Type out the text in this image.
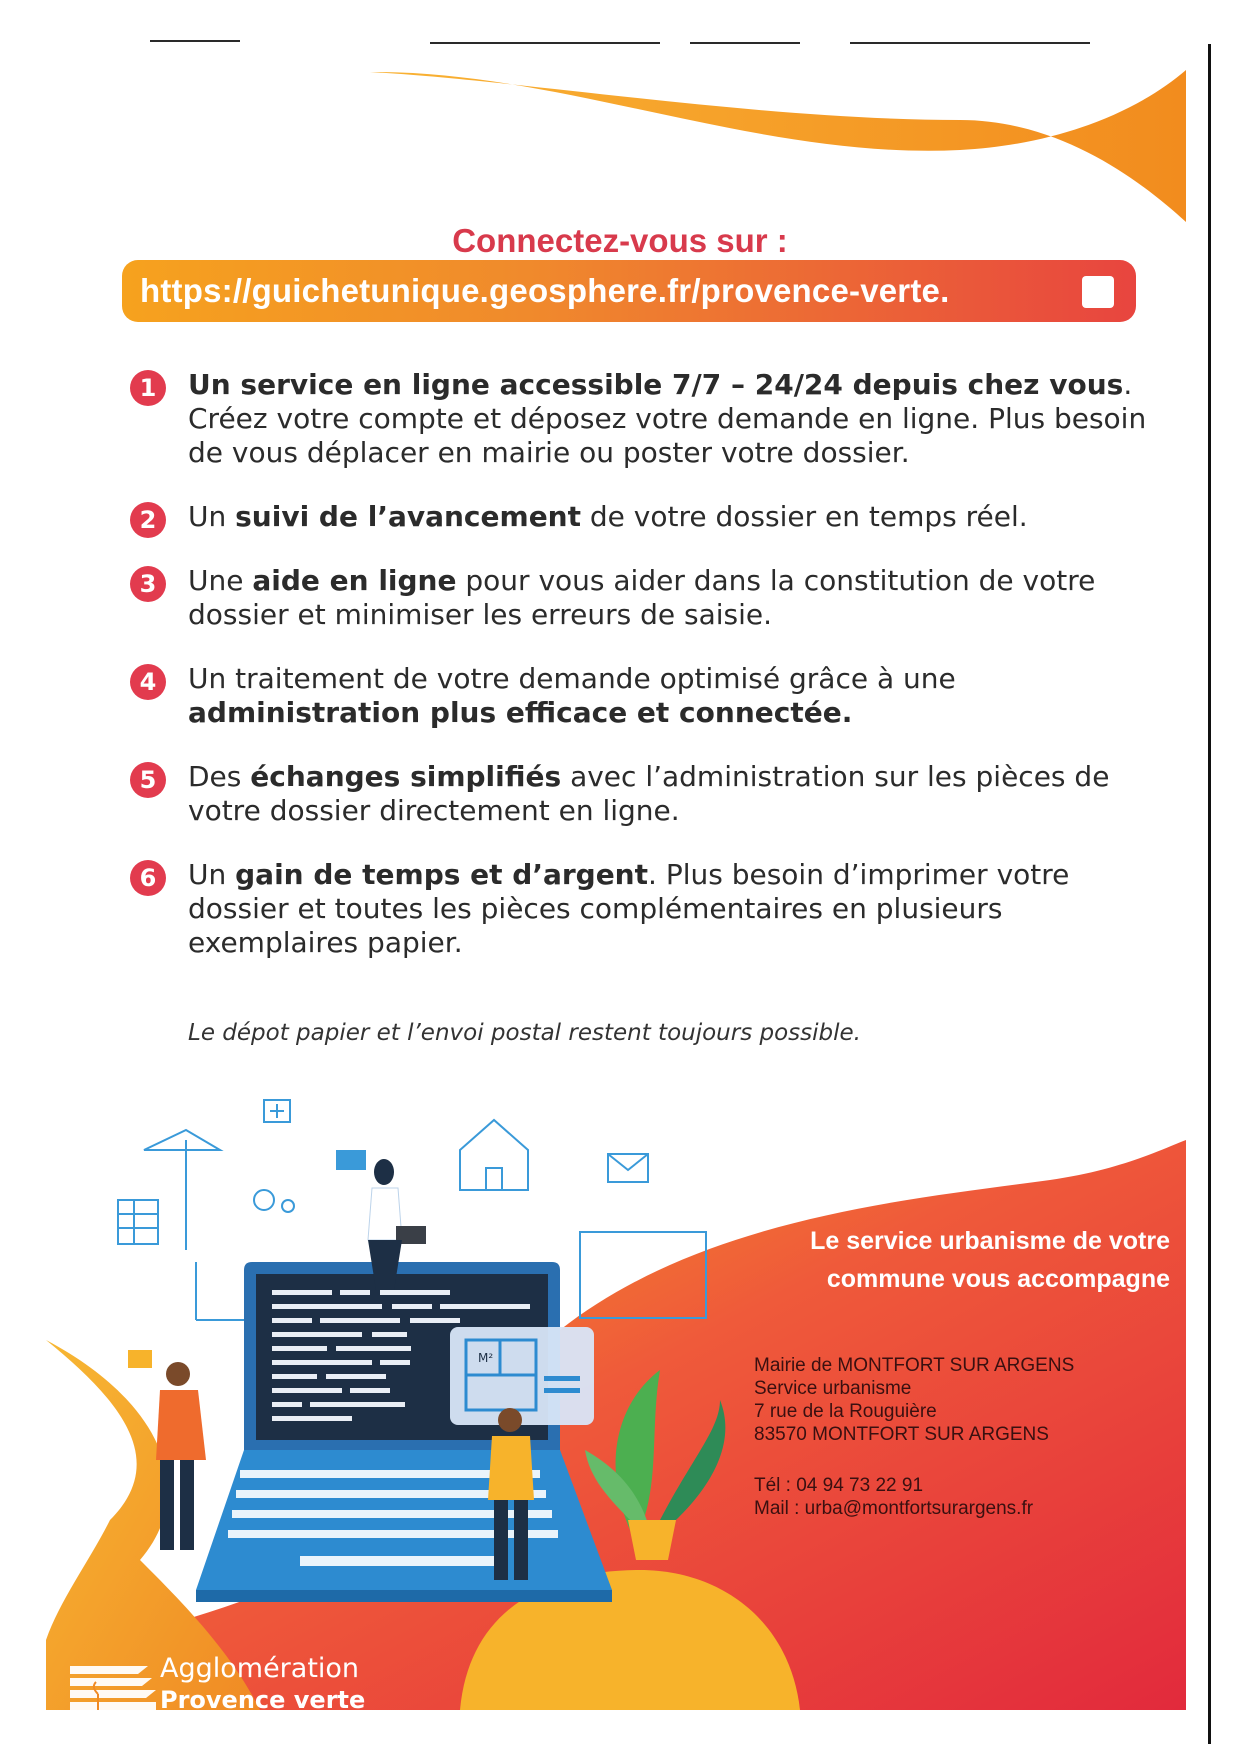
Connectez-vous sur :
https://guichetunique.geosphere.fr/provence-verte.
1	Un service en ligne accessible 7/7 – 24/24 depuis chez vous. Créez votre compte et déposez votre demande en ligne. Plus besoin de vous déplacer en mairie ou poster votre dossier.
2	Un suivi de l’avancement de votre dossier en temps réel.
3	Une aide en ligne pour vous aider dans la constitution de votre dossier et minimiser les erreurs de saisie.
4	Un traitement de votre demande optimisé grâce à une administration plus efficace et connectée.
5	Des échanges simplifiés avec l’administration sur les pièces de votre dossier directement en ligne.
6	Un gain de temps et d’argent. Plus besoin d’imprimer votre dossier et toutes les pièces complémentaires en plusieurs exemplaires papier.
Le dépot papier et l’envoi postal restent toujours possible.
M²
Le service urbanisme de votre
commune vous accompagne
Mairie de MONTFORT SUR ARGENS
Service urbanisme
7 rue de la Rouguière
83570 MONTFORT SUR ARGENS
Tél : 04 94 73 22 91
Mail : urba@montfortsurargens.fr
Agglomération
Provence verte
